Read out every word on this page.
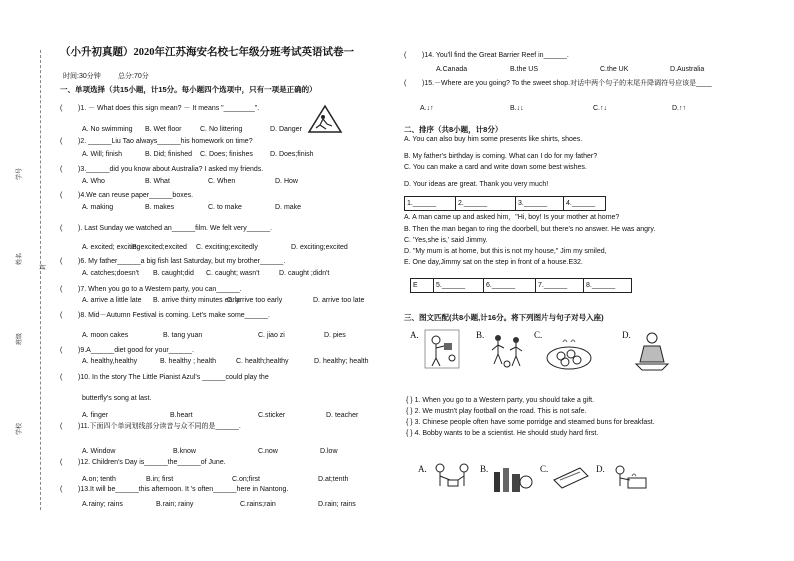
学号
姓名
班级
学校
封
（小升初真题）2020年江苏海安名校七年级分班考试英语试卷一
时间:30分钟 总分:70分
一、单项选择（共15小题，计15分。每小题四个选项中，只有一项是正确的）
( )1. － What does this sign mean? － It means "________".
A. No swimming B. Wet floor	C. No littering	D. Danger
( )2. ______Liu Tao always______his homework on time?
A. Will; finish	B. Did; finished C. Does; finishes D. Does;finish
( )3.______did you know about Australia? I asked my friends.
A. Who	B. What	C. When	D. How
( )4.We can reuse paper______boxes.
A. making	B. makes	C. to make	D. make
( ). Last Sunday we watched an______film. We felt very______.
A. excited; exciting
B. excited;excited C. exciting;excitedly	D. exciting;excited
( )6. My father______a big fish last Saturday, but my brother______.
A. catches;doesn't B. caught;did C. caught; wasn't	D. caught ;didn't
( )7. When you go to a Western party, you can______.
A. arrive a little late B. arrive thirty minutes early
C. arrive too early	D. arrive too late
( )8. Mid－Autumn Festival is coming. Let's make some______.
A. moon cakes	B. tang yuan	C. jiao zi	D. pies
( )9.A______diet good for your______.
A. healthy,healthy	B. healthy ; health	C. health;healthy	D. healthy; health
( )10. In the story The Little Pianist Azul's ______could play the
butterfly's song at last.
A. finger	B.heart	C.sticker	D. teacher
( )11.下面四个单词划线部分读音与众不同的是______.
A. Window	B.know	C.now	D.low
( )12. Children's Day is______the______of June.
A.on; tenth	B.in; first	C.on;first	D.at;tenth
( )13.It will be______this afternoon. It 's often______here in Nantong.
A.rainy; rains	B.rain; rainy	C.rains;rain	D.rain; rains
( )14. You'll find the Great Barrier Reef in______.
A.Canada	B.the US	C.the UK	D.Australia
( )15.－Where are you going? To the sweet shop.对话中两个句子的末尾升降调符号应该是____
A.↓↑	B.↓↓	C.↑↓	D.↑↑
二、排序（共8小题，计8分）
A. You can also buy him some presents like shirts, shoes.
B. My father's birthday is coming. What can I do for my father?
C. You can make a card and write down some best wishes.
D. Your ideas are great. Thank you very much!
1.______	2.______	3.______	4.______
A. A man came up and asked him，"Hi, boy! Is your mother at home?
B. Then the man began to ring the doorbell, but there's no answer. He was angry.
C. 'Yes,she is,' said Jimmy.
D. "My mum is at home, but this is not my house," Jim my smiled,
E. One day,Jimmy sat on the step in front of a house.E32.
E	5.______	6.______	7.______	8.______
三、图文匹配(共8小题,计16分。将下列图片与句子对号入座)
A.	B.	C.	D.
{ } 1. When you go to a Western party, you should take a gift.
{ } 2. We mustn't play football on the road. This is not safe.
{ } 3. Chinese people often have some porridge and steamed buns for breakfast.
{ } 4. Bobby wants to be a scientist. He should study hard first.
A.	B.	C.	D.
